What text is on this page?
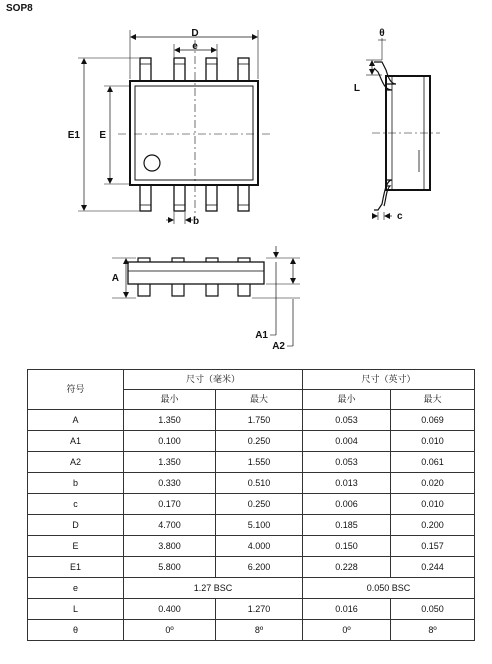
SOP8
D
e
E1 E
b
θ
L
c
A
A1
A2
符号	尺寸（毫米）		尺寸（英寸）	
	最小	最大	最小	最大
A	1.350	1.750	0.053	0.069
A1	0.100	0.250	0.004	0.010
A2	1.350	1.550	0.053	0.061
b	0.330	0.510	0.013	0.020
c	0.170	0.250	0.006	0.010
D	4.700	5.100	0.185	0.200
E	3.800	4.000	0.150	0.157
E1	5.800	6.200	0.228	0.244
e	1.27 BSC		0.050 BSC	
L	0.400	1.270	0.016	0.050
θ	0º	8º	0º	8º
